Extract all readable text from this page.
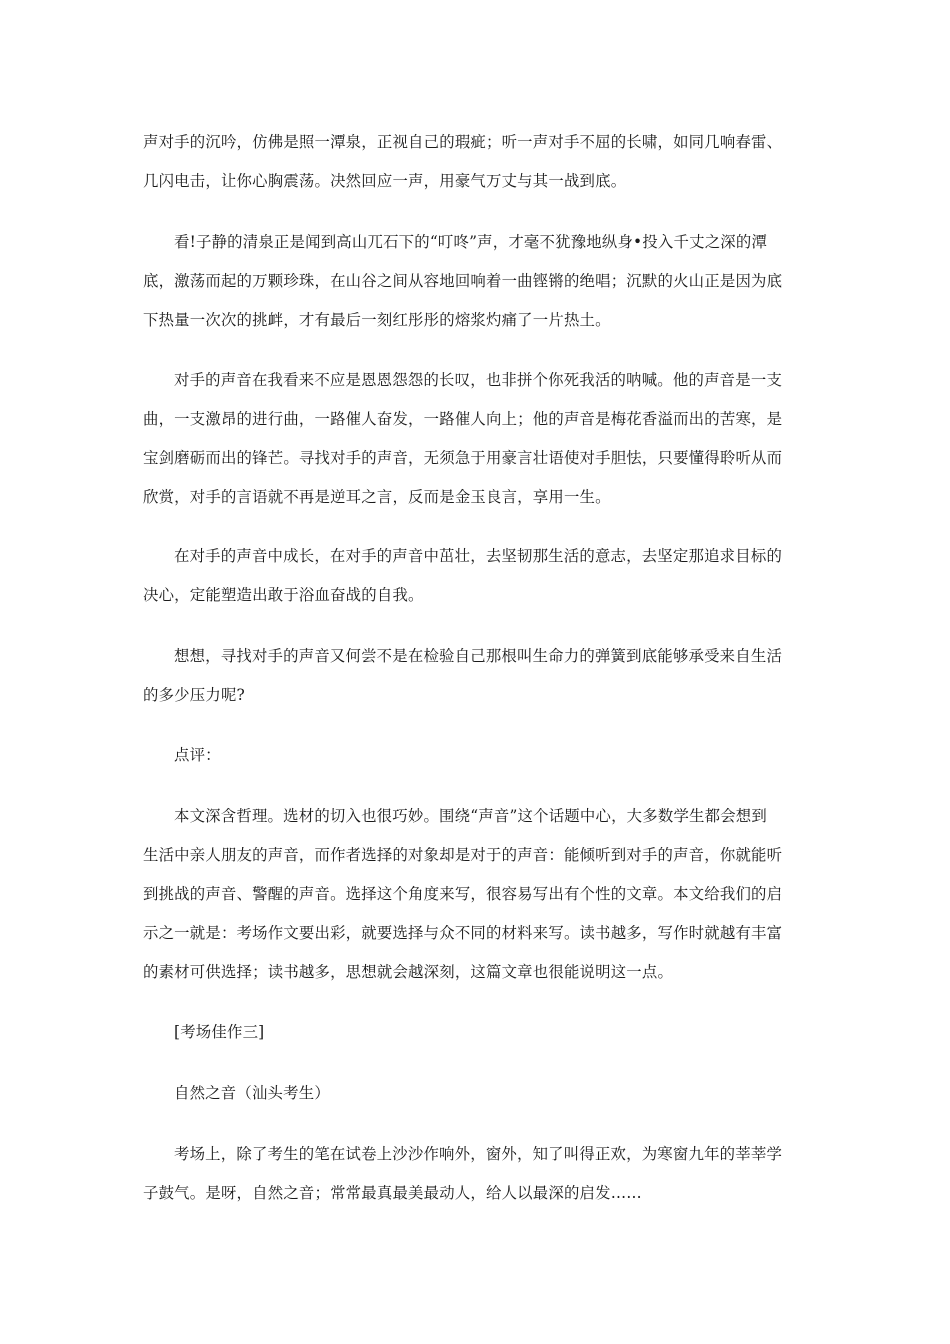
声对手的沉吟，仿佛是照一潭泉，正视自己的瑕疵；听一声对手不屈的长啸，如同几响春雷、
几闪电击，让你心胸震荡。决然回应一声，用豪气万丈与其一战到底。

看!子静的清泉正是闻到高山兀石下的“叮咚”声，才毫不犹豫地纵身•投入千丈之深的潭
底，激荡而起的万颗珍珠，在山谷之间从容地回响着一曲铿锵的绝唱；沉默的火山正是因为底
下热量一次次的挑衅，才有最后一刻红彤彤的熔浆灼痛了一片热土。

对手的声音在我看来不应是恩恩怨怨的长叹，也非拼个你死我活的呐喊。他的声音是一支
曲，一支激昂的进行曲，一路催人奋发，一路催人向上；他的声音是梅花香溢而出的苦寒，是
宝剑磨砺而出的锋芒。寻找对手的声音，无须急于用豪言壮语使对手胆怯，只要懂得聆听从而
欣赏，对手的言语就不再是逆耳之言，反而是金玉良言，享用一生。

在对手的声音中成长，在对手的声音中茁壮，去坚韧那生活的意志，去坚定那追求目标的
决心，定能塑造出敢于浴血奋战的自我。

想想，寻找对手的声音又何尝不是在检验自己那根叫生命力的弹簧到底能够承受来自生活
的多少压力呢?

点评：

本文深含哲理。选材的切入也很巧妙。围绕“声音”这个话题中心，大多数学生都会想到
生活中亲人朋友的声音，而作者选择的对象却是对于的声音：能倾听到对手的声音，你就能听
到挑战的声音、警醒的声音。选择这个角度来写，很容易写出有个性的文章。本文给我们的启
示之一就是：考场作文要出彩，就要选择与众不同的材料来写。读书越多，写作时就越有丰富
的素材可供选择；读书越多，思想就会越深刻，这篇文章也很能说明这一点。

[考场佳作三]

自然之音（汕头考生）

考场上，除了考生的笔在试卷上沙沙作响外，窗外，知了叫得正欢，为寒窗九年的莘莘学
子鼓气。是呀，自然之音；常常最真最美最动人，给人以最深的启发……
